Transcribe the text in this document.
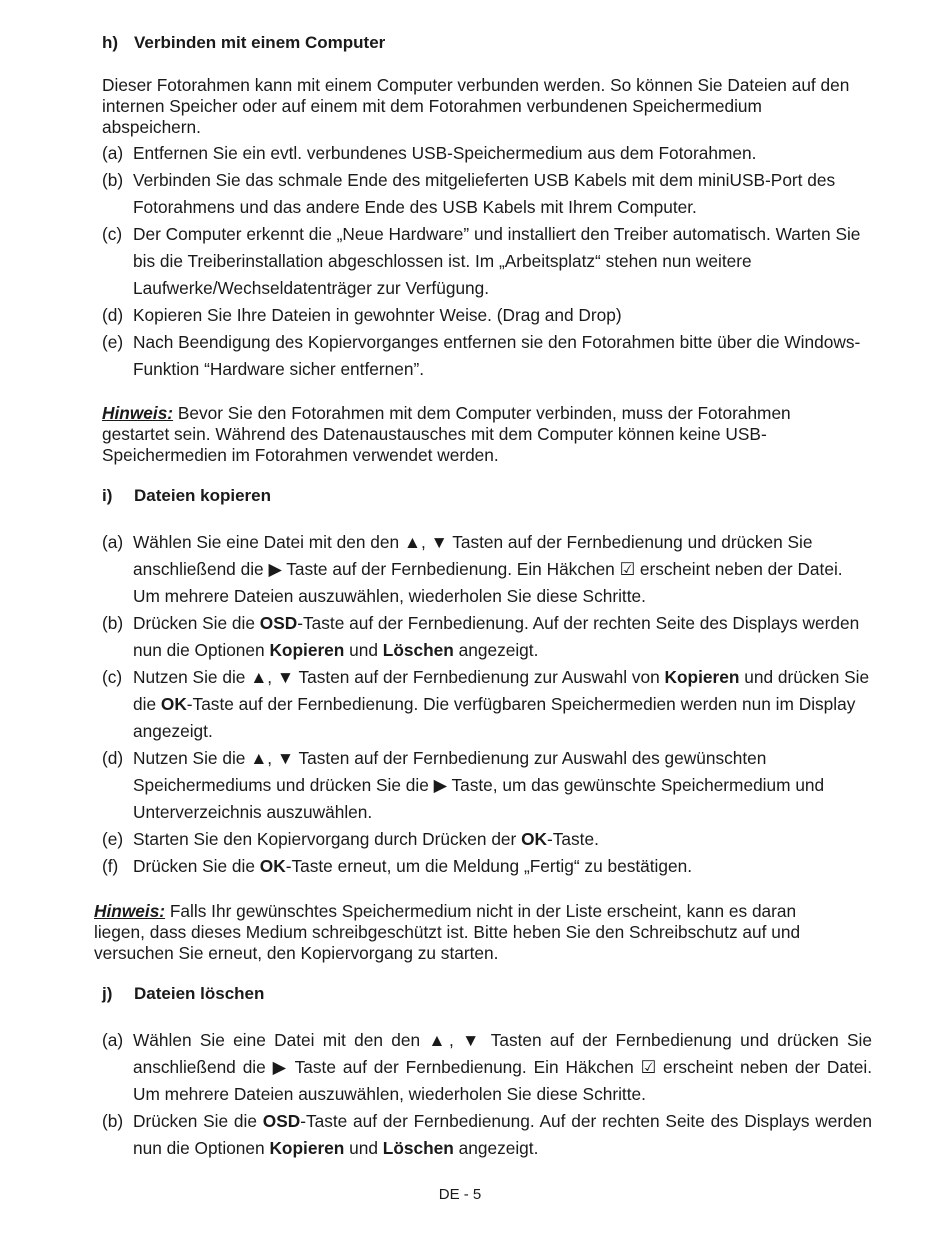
h) Verbinden mit einem Computer
Dieser Fotorahmen kann mit einem Computer verbunden werden. So können Sie Dateien auf den internen Speicher oder auf einem mit dem Fotorahmen verbundenen Speichermedium abspeichern.
(a) Entfernen Sie ein evtl. verbundenes USB-Speichermedium aus dem Fotorahmen.
(b) Verbinden Sie das schmale Ende des mitgelieferten USB Kabels mit dem miniUSB-Port des Fotorahmens und das andere Ende des USB Kabels mit Ihrem Computer.
(c) Der Computer erkennt die „Neue Hardware” und installiert den Treiber automatisch. Warten Sie bis die Treiberinstallation abgeschlossen ist. Im „Arbeitsplatz“ stehen nun weitere Laufwerke/Wechseldatenträger zur Verfügung.
(d) Kopieren Sie Ihre Dateien in gewohnter Weise. (Drag and Drop)
(e) Nach Beendigung des Kopiervorganges entfernen sie den Fotorahmen bitte über die Windows-Funktion “Hardware sicher entfernen”.
Hinweis: Bevor Sie den Fotorahmen mit dem Computer verbinden, muss der Fotorahmen gestartet sein. Während des Datenaustausches mit dem Computer können keine USB-Speichermedien im Fotorahmen verwendet werden.
i) Dateien kopieren
(a) Wählen Sie eine Datei mit den den ▲, ▼ Tasten auf der Fernbedienung und drücken Sie anschließend die ▶ Taste auf der Fernbedienung. Ein Häkchen ☑ erscheint neben der Datei. Um mehrere Dateien auszuwählen, wiederholen Sie diese Schritte.
(b) Drücken Sie die OSD-Taste auf der Fernbedienung. Auf der rechten Seite des Displays werden nun die Optionen Kopieren und Löschen angezeigt.
(c) Nutzen Sie die ▲, ▼ Tasten auf der Fernbedienung zur Auswahl von Kopieren und drücken Sie die OK-Taste auf der Fernbedienung. Die verfügbaren Speichermedien werden nun im Display angezeigt.
(d) Nutzen Sie die ▲, ▼ Tasten auf der Fernbedienung zur Auswahl des gewünschten Speichermediums und drücken Sie die ▶ Taste, um das gewünschte Speichermedium und Unterverzeichnis auszuwählen.
(e) Starten Sie den Kopiervorgang durch Drücken der OK-Taste.
(f) Drücken Sie die OK-Taste erneut, um die Meldung „Fertig“ zu bestätigen.
Hinweis: Falls Ihr gewünschtes Speichermedium nicht in der Liste erscheint, kann es daran liegen, dass dieses Medium schreibgeschützt ist. Bitte heben Sie den Schreibschutz auf und versuchen Sie erneut, den Kopiervorgang zu starten.
j) Dateien löschen
(a) Wählen Sie eine Datei mit den den ▲, ▼ Tasten auf der Fernbedienung und drücken Sie anschließend die ▶ Taste auf der Fernbedienung. Ein Häkchen ☑ erscheint neben der Datei. Um mehrere Dateien auszuwählen, wiederholen Sie diese Schritte.
(b) Drücken Sie die OSD-Taste auf der Fernbedienung. Auf der rechten Seite des Displays werden nun die Optionen Kopieren und Löschen angezeigt.
DE - 5
